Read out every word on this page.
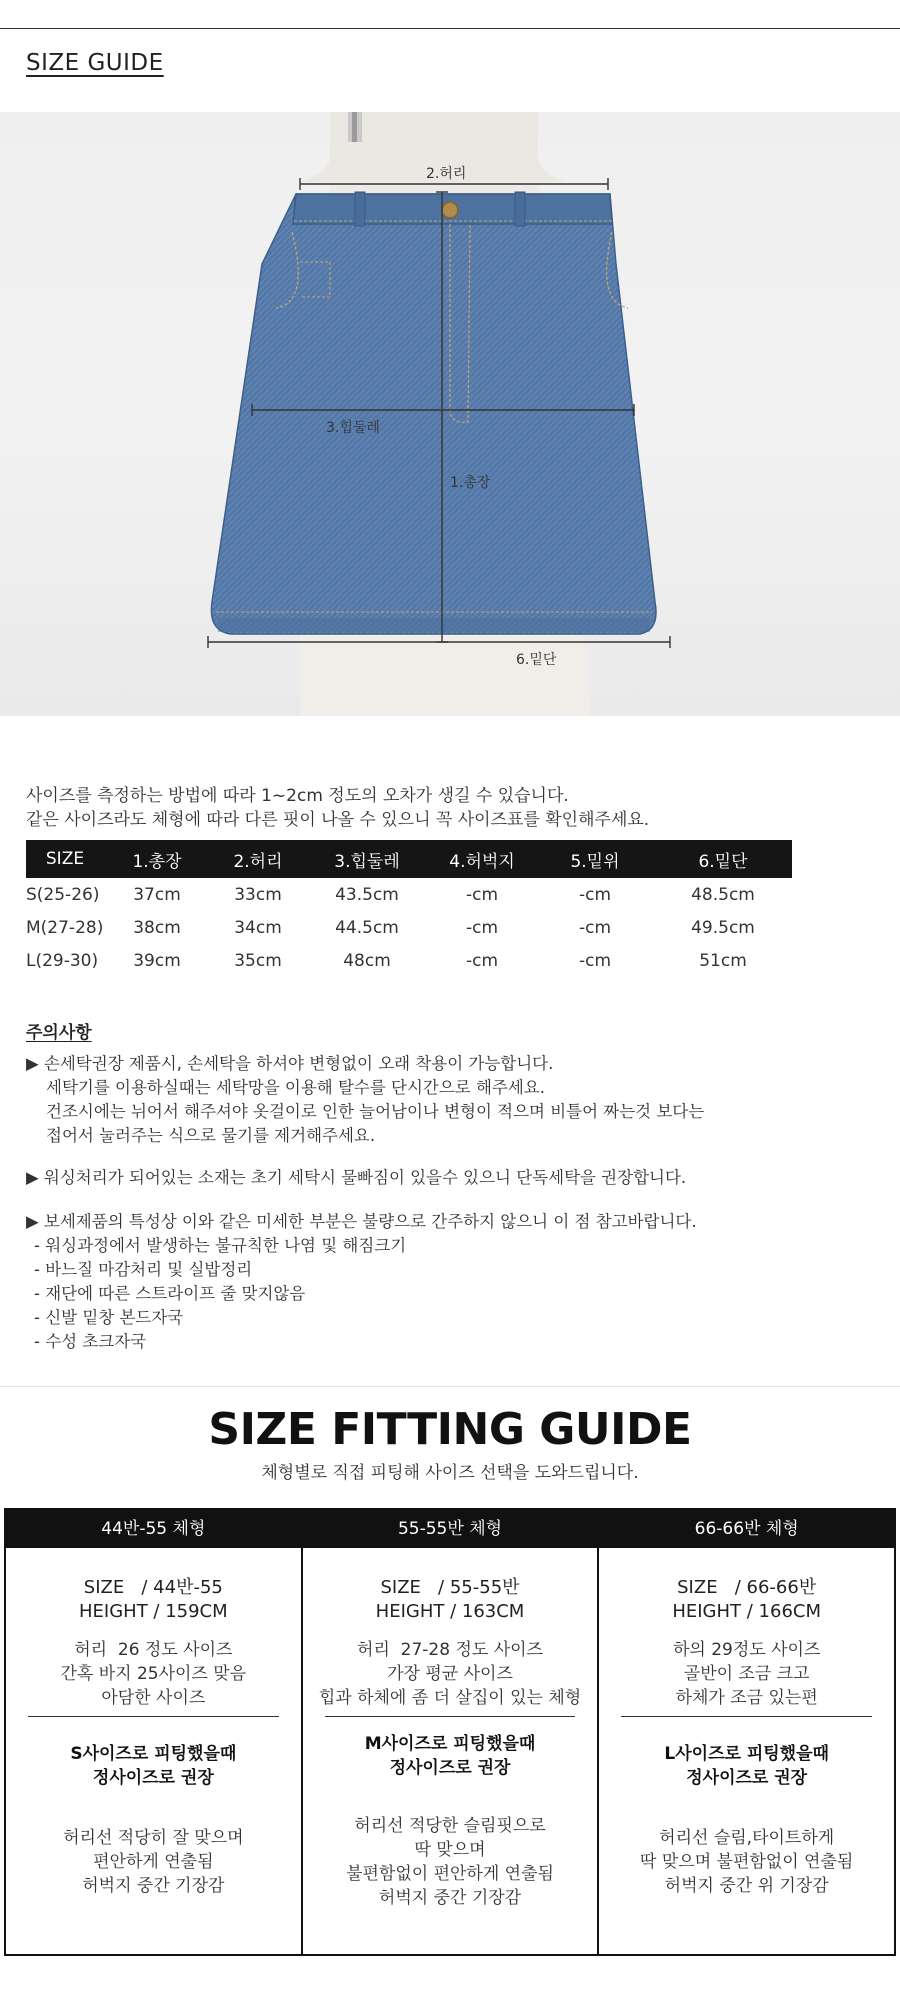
SIZE GUIDE
2.허리
3.힙둘레
1.총장
6.밑단
사이즈를 측정하는 방법에 따라 1~2cm 정도의 오차가 생길 수 있습니다.
같은 사이즈라도 체형에 따라 다른 핏이 나올 수 있으니 꼭 사이즈표를 확인해주세요.
SIZE	1.총장	2.허리	3.힙둘레	4.허벅지	5.밑위	6.밑단
S(25-26)	37cm	33cm	43.5cm	-cm	-cm	48.5cm
M(27-28)	38cm	34cm	44.5cm	-cm	-cm	49.5cm
L(29-30)	39cm	35cm	48cm	-cm	-cm	51cm
주의사항
▶ 손세탁권장 제품시, 손세탁을 하셔야 변형없이 오래 착용이 가능합니다.
세탁기를 이용하실때는 세탁망을 이용해 탈수를 단시간으로 해주세요.
건조시에는 뉘어서 해주셔야 옷걸이로 인한 늘어남이나 변형이 적으며 비틀어 짜는것 보다는
접어서 눌러주는 식으로 물기를 제거해주세요.
▶ 워싱처리가 되어있는 소재는 초기 세탁시 물빠짐이 있을수 있으니 단독세탁을 권장합니다.
▶ 보세제품의 특성상 이와 같은 미세한 부분은 불량으로 간주하지 않으니 이 점 참고바랍니다.
- 워싱과정에서 발생하는 불규칙한 나염 및 해짐크기
- 바느질 마감처리 및 실밥정리
- 재단에 따른 스트라이프 줄 맞지않음
- 신발 밑창 본드자국
- 수성 초크자국
SIZE FITTING GUIDE
체형별로 직접 피팅해 사이즈 선택을 도와드립니다.
44반-55 체형
SIZE   / 44반-55
HEIGHT / 159CM
허리  26 정도 사이즈
간혹 바지 25사이즈 맞음
아담한 사이즈
S사이즈로 피팅했을때
정사이즈로 권장
허리선 적당히 잘 맞으며
편안하게 연출됨
허벅지 중간 기장감
55-55반 체형
SIZE   / 55-55반
HEIGHT / 163CM
허리  27-28 정도 사이즈
가장 평균 사이즈
힙과 하체에 좀 더 살집이 있는 체형
M사이즈로 피팅했을때
정사이즈로 권장
허리선 적당한 슬림핏으로
딱 맞으며
불편함없이 편안하게 연출됨
허벅지 중간 기장감
66-66반 체형
SIZE   / 66-66반
HEIGHT / 166CM
하의 29정도 사이즈
골반이 조금 크고
하체가 조금 있는편
L사이즈로 피팅했을때
정사이즈로 권장
허리선 슬림,타이트하게
딱 맞으며 불편함없이 연출됨
허벅지 중간 위 기장감
